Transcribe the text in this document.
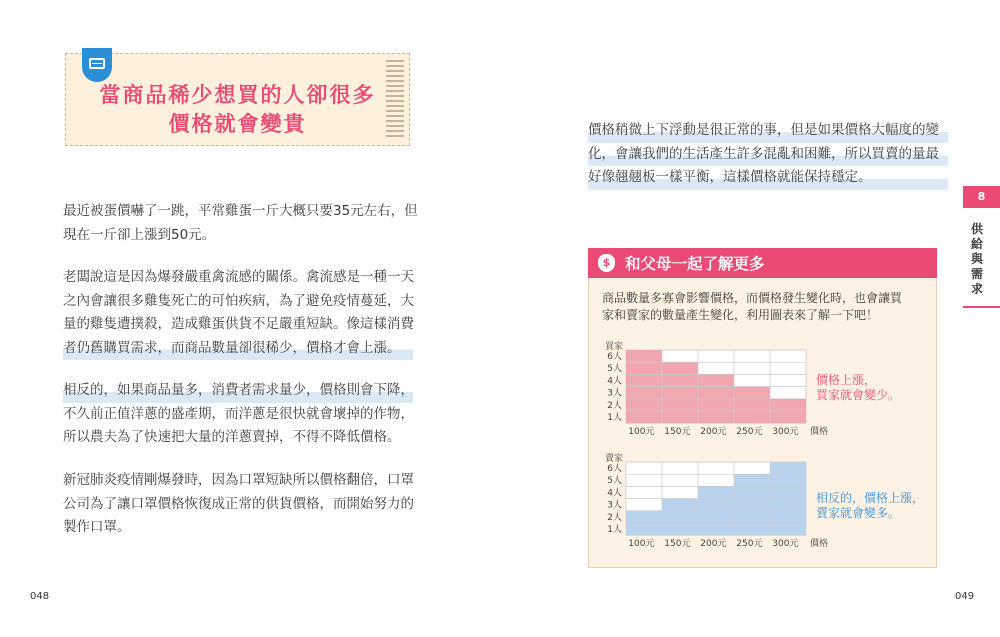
當商品稀少想買的人卻很多
價格就會變貴
最近被蛋價嚇了一跳，平常雞蛋一斤大概只要35元左右，但
現在一斤卻上漲到50元。
老闆說這是因為爆發嚴重禽流感的關係。禽流感是一種一天
之內會讓很多雞隻死亡的可怕疾病，為了避免疫情蔓延，大
量的雞隻遭撲殺，造成雞蛋供貨不足嚴重短缺。像這樣消費
者仍舊購買需求，而商品數量卻很稀少，價格才會上漲。
相反的，如果商品量多，消費者需求量少，價格則會下降，
不久前正值洋蔥的盛產期，而洋蔥是很快就會壞掉的作物，
所以農夫為了快速把大量的洋蔥賣掉，不得不降低價格。
新冠肺炎疫情剛爆發時，因為口罩短缺所以價格翻倍，口罩
公司為了讓口罩價格恢復成正常的供貨價格，而開始努力的
製作口罩。
048
價格稍微上下浮動是很正常的事，但是如果價格大幅度的變
化，會讓我們的生活產生許多混亂和困難，所以買賣的量最
好像翹翹板一樣平衡，這樣價格就能保持穩定。
8
供給與需求
$
和父母一起了解更多
商品數量多寡會影響價格，而價格發生變化時，也會讓買
家和賣家的數量產生變化，利用圖表來了解一下吧！
買家
6人
5人
4人
3人
2人
1人
100元 150元 200元 250元 300元 價格
價格上漲，
買家就會變少。
賣家
6人
5人
4人
3人
2人
1人
100元 150元 200元 250元 300元 價格
相反的，價格上漲，
賣家就會變多。
049
